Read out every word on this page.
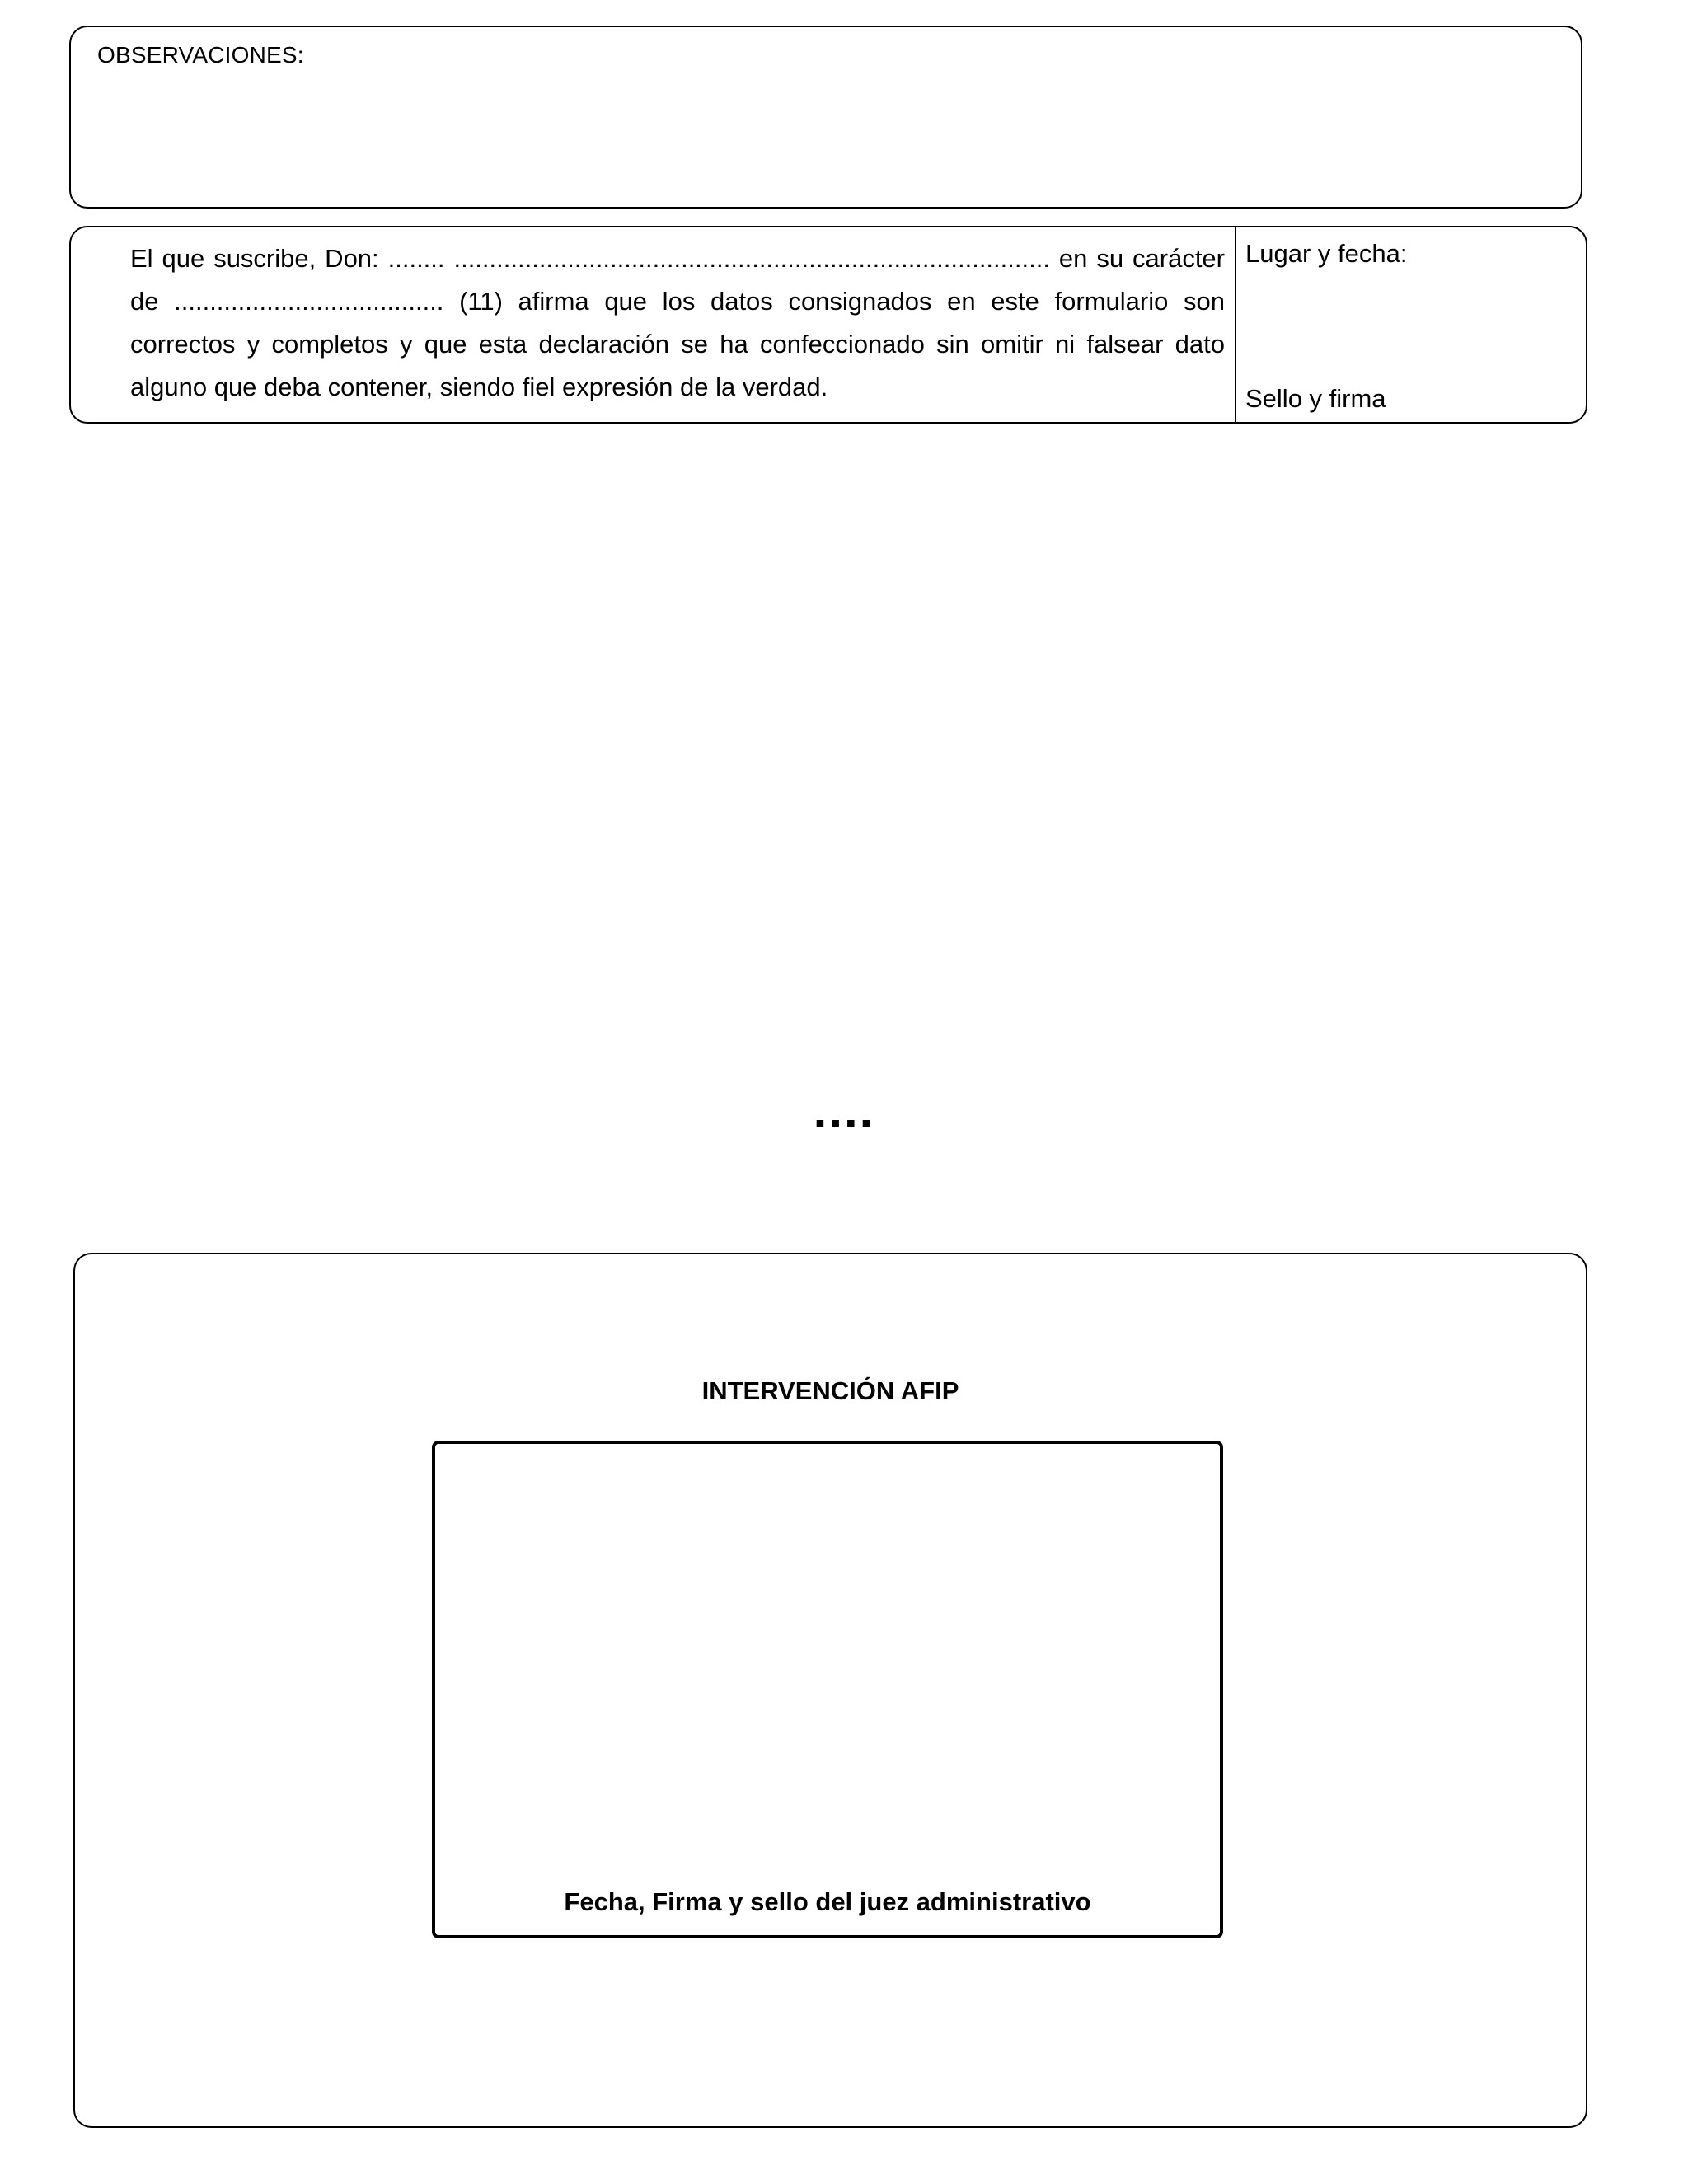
OBSERVACIONES:
El que suscribe, Don: ........ .................................................................................... en su carácter de ...................................... (11) afirma que los datos consignados en este formulario son correctos y completos y que esta declaración se ha confeccionado sin omitir ni falsear dato alguno que deba contener, siendo fiel expresión de la verdad.
Lugar y fecha:
Sello y firma
....
INTERVENCIÓN AFIP
Fecha, Firma y sello del juez administrativo
